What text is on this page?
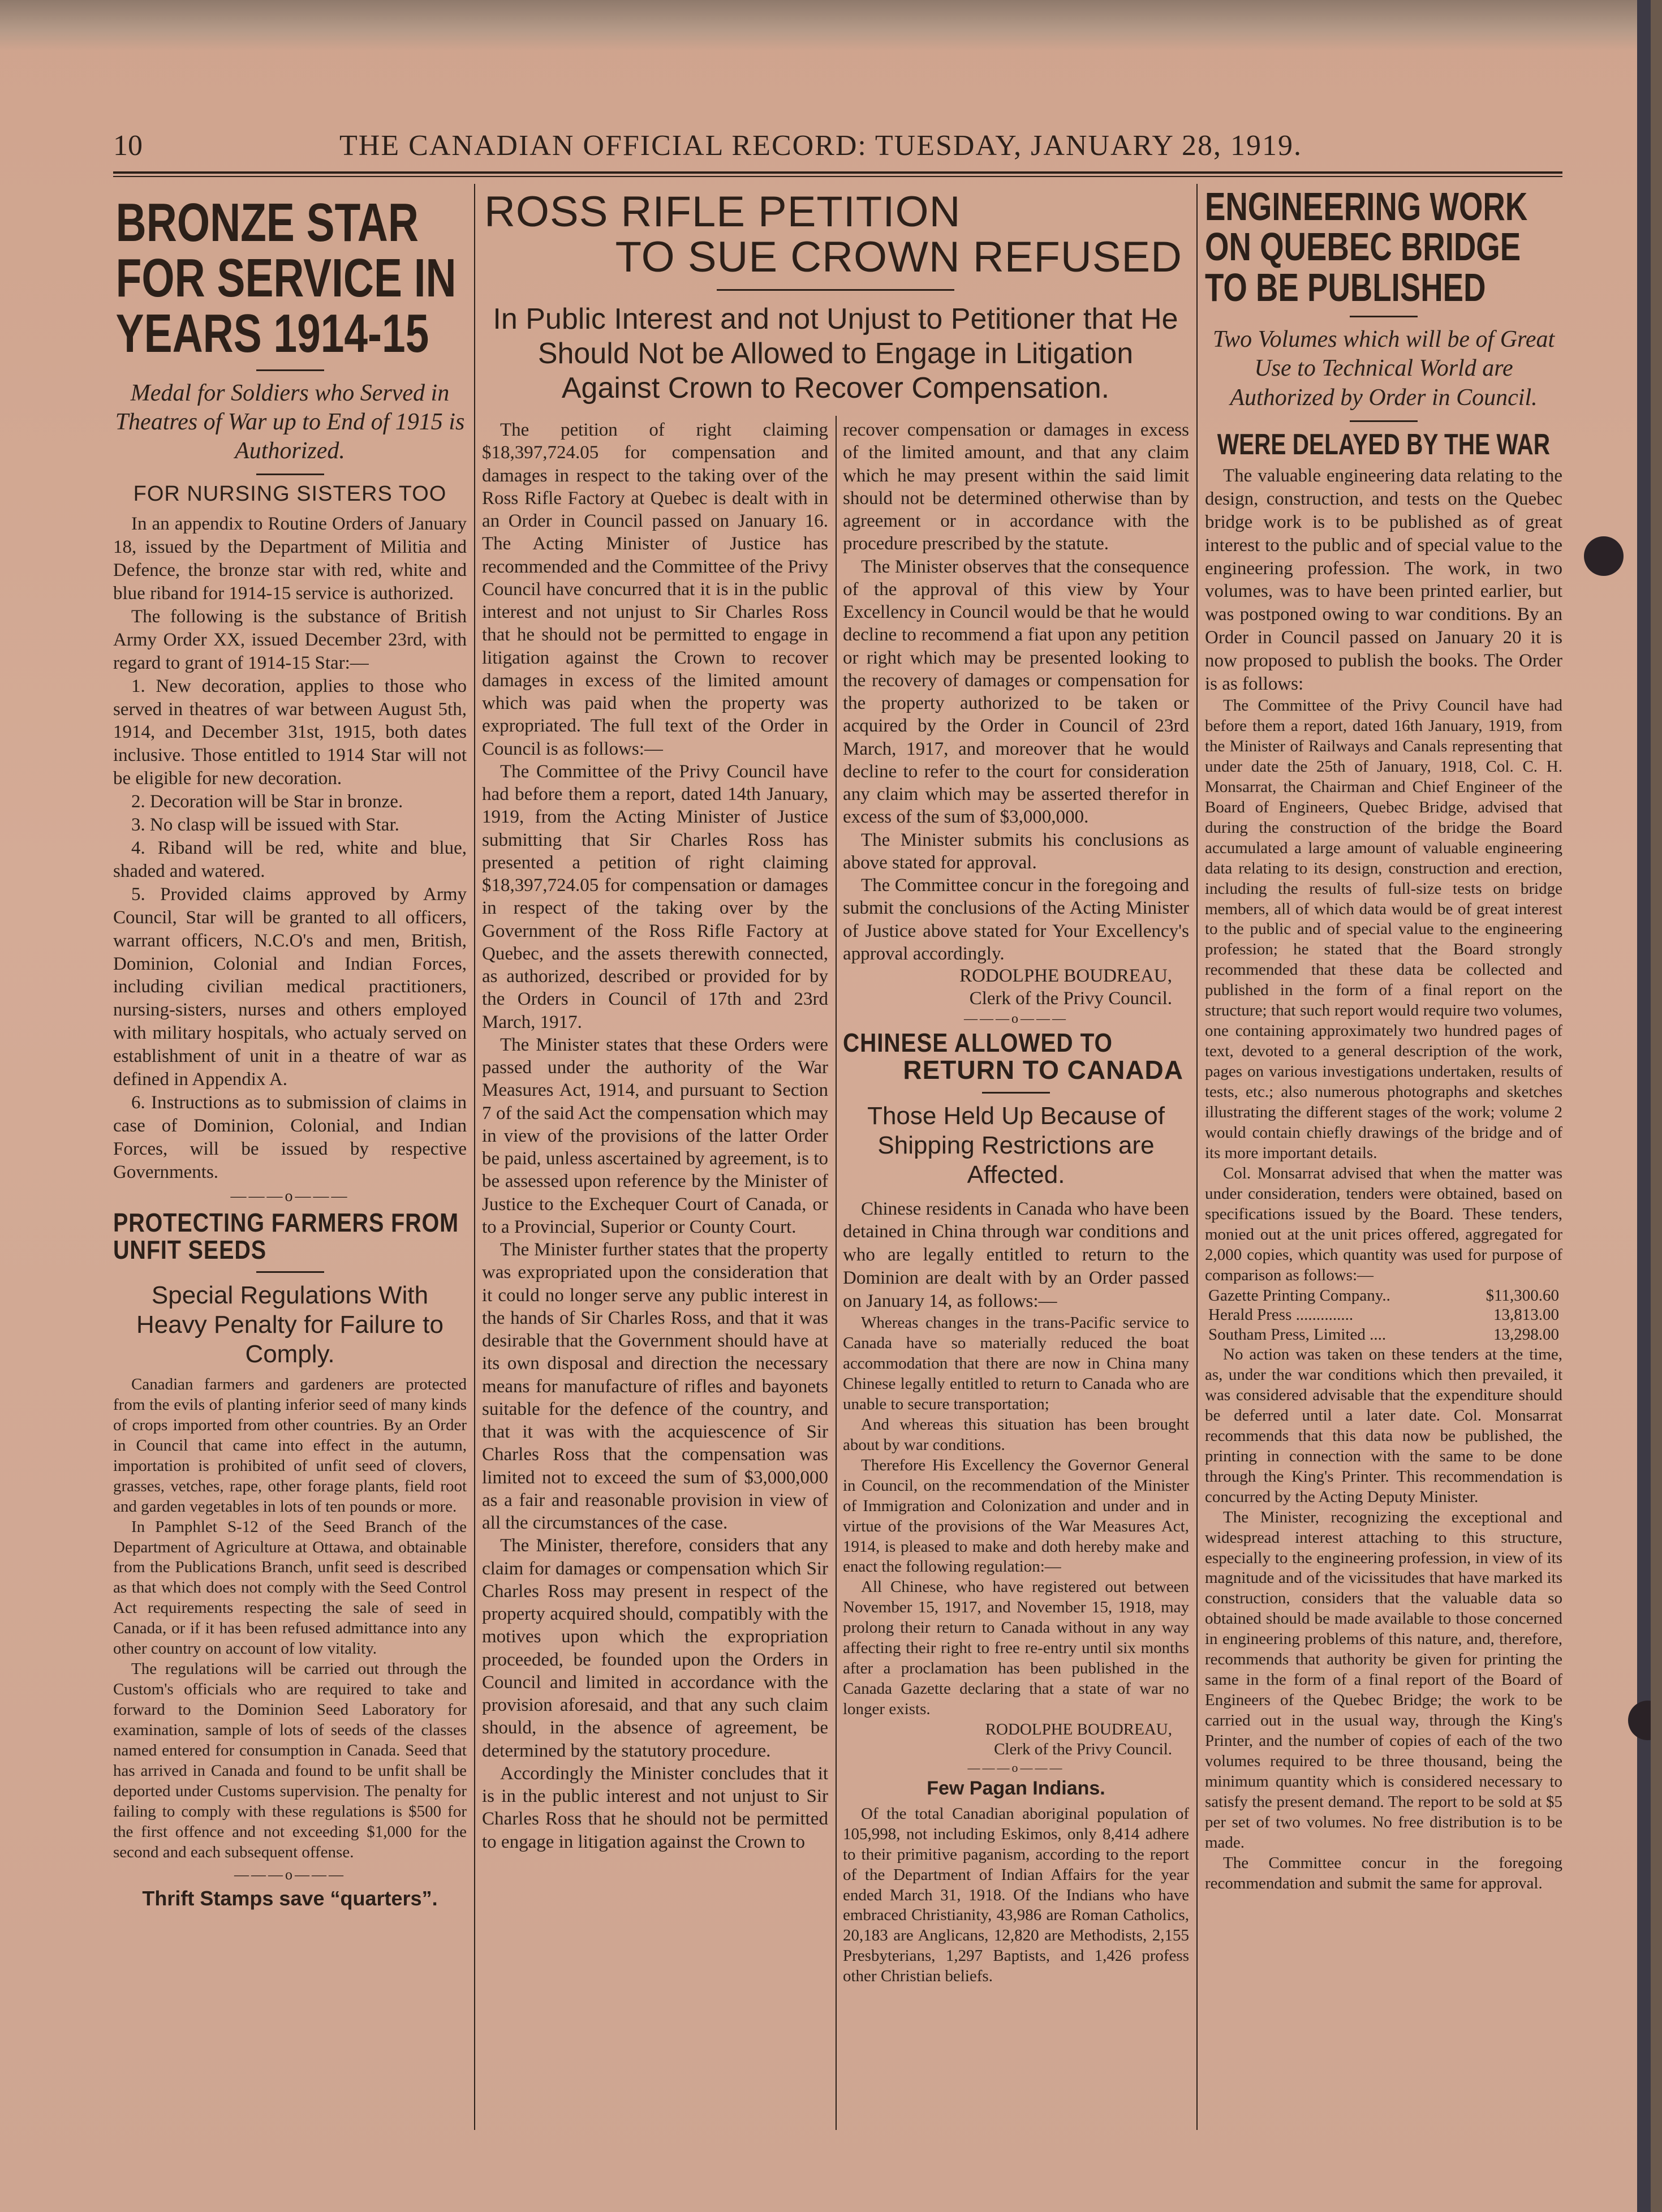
10	THE CANADIAN OFFICIAL RECORD: TUESDAY, JANUARY 28, 1919.
BRONZE STAR FOR SERVICE IN YEARS 1914-15
Medal for Soldiers who Served in Theatres of War up to End of 1915 is Authorized.
FOR NURSING SISTERS TOO

In an appendix to Routine Orders of January 18, issued by the Department of Militia and Defence, the bronze star with red, white and blue riband for 1914-15 service is authorized.

The following is the substance of British Army Order XX, issued December 23rd, with regard to grant of 1914-15 Star:—

1. New decoration, applies to those who served in theatres of war between August 5th, 1914, and December 31st, 1915, both dates inclusive. Those entitled to 1914 Star will not be eligible for new decoration.

2. Decoration will be Star in bronze.

3. No clasp will be issued with Star.

4. Riband will be red, white and blue, shaded and watered.

5. Provided claims approved by Army Council, Star will be granted to all officers, warrant officers, N.C.O's and men, British, Dominion, Colonial and Indian Forces, including civilian medical practitioners, nursing-sisters, nurses and others employed with military hospitals, who actualy served on establishment of unit in a theatre of war as defined in Appendix A.

6. Instructions as to submission of claims in case of Dominion, Colonial, and Indian Forces, will be issued by respective Governments.

———o———
PROTECTING FARMERS FROM UNFIT SEEDS
Special Regulations With Heavy Penalty for Failure to Comply.

Canadian farmers and gardeners are protected from the evils of planting inferior seed of many kinds of crops imported from other countries. By an Order in Council that came into effect in the autumn, importation is prohibited of unfit seed of clovers, grasses, vetches, rape, other forage plants, field root and garden vegetables in lots of ten pounds or more.

In Pamphlet S-12 of the Seed Branch of the Department of Agriculture at Ottawa, and obtainable from the Publications Branch, unfit seed is described as that which does not comply with the Seed Control Act requirements respecting the sale of seed in Canada, or if it has been refused admittance into any other country on account of low vitality.

The regulations will be carried out through the Custom's officials who are required to take and forward to the Dominion Seed Laboratory for examination, sample of lots of seeds of the classes named entered for consumption in Canada. Seed that has arrived in Canada and found to be unfit shall be deported under Customs supervision. The penalty for failing to comply with these regulations is $500 for the first offence and not exceeding $1,000 for the second and each subsequent offense.

———o———
Thrift Stamps save “quarters”.
ROSS RIFLE PETITION
TO SUE CROWN REFUSED
In Public Interest and not Unjust to Petitioner that He Should Not be Allowed to Engage in Litigation Against Crown to Recover Compensation.

The petition of right claiming $18,397,724.05 for compensation and damages in respect to the taking over of the Ross Rifle Factory at Quebec is dealt with in an Order in Council passed on January 16. The Acting Minister of Justice has recommended and the Committee of the Privy Council have concurred that it is in the public interest and not unjust to Sir Charles Ross that he should not be permitted to engage in litigation against the Crown to recover damages in excess of the limited amount which was paid when the property was expropriated. The full text of the Order in Council is as follows:—

The Committee of the Privy Council have had before them a report, dated 14th January, 1919, from the Acting Minister of Justice submitting that Sir Charles Ross has presented a petition of right claiming $18,397,724.05 for compensation or damages in respect of the taking over by the Government of the Ross Rifle Factory at Quebec, and the assets therewith connected, as authorized, described or provided for by the Orders in Council of 17th and 23rd March, 1917.

The Minister states that these Orders were passed under the authority of the War Measures Act, 1914, and pursuant to Section 7 of the said Act the compensation which may in view of the provisions of the latter Order be paid, unless ascertained by agreement, is to be assessed upon reference by the Minister of Justice to the Exchequer Court of Canada, or to a Provincial, Superior or County Court.

The Minister further states that the property was expropriated upon the consideration that it could no longer serve any public interest in the hands of Sir Charles Ross, and that it was desirable that the Government should have at its own disposal and direction the necessary means for manufacture of rifles and bayonets suitable for the defence of the country, and that it was with the acquiescence of Sir Charles Ross that the compensation was limited not to exceed the sum of $3,000,000 as a fair and reasonable provision in view of all the circumstances of the case.

The Minister, therefore, considers that any claim for damages or compensation which Sir Charles Ross may present in respect of the property acquired should, compatibly with the motives upon which the expropriation proceeded, be founded upon the Orders in Council and limited in accordance with the provision aforesaid, and that any such claim should, in the absence of agreement, be determined by the statutory procedure.

Accordingly the Minister concludes that it is in the public interest and not unjust to Sir Charles Ross that he should not be permitted to engage in litigation against the Crown to

recover compensation or damages in excess of the limited amount, and that any claim which he may present within the said limit should not be determined otherwise than by agreement or in accordance with the procedure prescribed by the statute.

The Minister observes that the consequence of the approval of this view by Your Excellency in Council would be that he would decline to recommend a fiat upon any petition or right which may be presented looking to the recovery of damages or compensation for the property authorized to be taken or acquired by the Order in Council of 23rd March, 1917, and moreover that he would decline to refer to the court for consideration any claim which may be asserted therefor in excess of the sum of $3,000,000.

The Minister submits his conclusions as above stated for approval.

The Committee concur in the foregoing and submit the conclusions of the Acting Minister of Justice above stated for Your Excellency's approval accordingly.

RODOLPHE BOUDREAU,
Clerk of the Privy Council.
———o———
CHINESE ALLOWED TO
RETURN TO CANADA
Those Held Up Because of Shipping Restrictions are Affected.

Chinese residents in Canada who have been detained in China through war conditions and who are legally entitled to return to the Dominion are dealt with by an Order passed on January 14, as follows:—

Whereas changes in the trans-Pacific service to Canada have so materially reduced the boat accommodation that there are now in China many Chinese legally entitled to return to Canada who are unable to secure transportation;

And whereas this situation has been brought about by war conditions.

Therefore His Excellency the Governor General in Council, on the recommendation of the Minister of Immigration and Colonization and under and in virtue of the provisions of the War Measures Act, 1914, is pleased to make and doth hereby make and enact the following regulation:—

All Chinese, who have registered out between November 15, 1917, and November 15, 1918, may prolong their return to Canada without in any way affecting their right to free re-entry until six months after a proclamation has been published in the Canada Gazette declaring that a state of war no longer exists.

RODOLPHE BOUDREAU,
Clerk of the Privy Council.
———o———
Few Pagan Indians.

Of the total Canadian aboriginal population of 105,998, not including Eskimos, only 8,414 adhere to their primitive paganism, according to the report of the Department of Indian Affairs for the year ended March 31, 1918. Of the Indians who have embraced Christianity, 43,986 are Roman Catholics, 20,183 are Anglicans, 12,820 are Methodists, 2,155 Presbyterians, 1,297 Baptists, and 1,426 profess other Christian beliefs.

ENGINEERING WORK ON QUEBEC BRIDGE TO BE PUBLISHED
Two Volumes which will be of Great Use to Technical World are Authorized by Order in Council.
WERE DELAYED BY THE WAR

The valuable engineering data relating to the design, construction, and tests on the Quebec bridge work is to be published as of great interest to the public and of special value to the engineering profession. The work, in two volumes, was to have been printed earlier, but was postponed owing to war conditions. By an Order in Council passed on January 20 it is now proposed to publish the books. The Order is as follows:

The Committee of the Privy Council have had before them a report, dated 16th January, 1919, from the Minister of Railways and Canals representing that under date the 25th of January, 1918, Col. C. H. Monsarrat, the Chairman and Chief Engineer of the Board of Engineers, Quebec Bridge, advised that during the construction of the bridge the Board accumulated a large amount of valuable engineering data relating to its design, construction and erection, including the results of full-size tests on bridge members, all of which data would be of great interest to the public and of special value to the engineering profession; he stated that the Board strongly recommended that these data be collected and published in the form of a final report on the structure; that such report would require two volumes, one containing approximately two hundred pages of text, devoted to a general description of the work, pages on various investigations undertaken, results of tests, etc.; also numerous photographs and sketches illustrating the different stages of the work; volume 2 would contain chiefly drawings of the bridge and of its more important details.

Col. Monsarrat advised that when the matter was under consideration, tenders were obtained, based on specifications issued by the Board. These tenders, monied out at the unit prices offered, aggregated for 2,000 copies, which quantity was used for purpose of comparison as follows:—

Gazette Printing Company..	$11,300.60
Herald Press ..............	13,813.00
Southam Press, Limited ....	13,298.00

No action was taken on these tenders at the time, as, under the war conditions which then prevailed, it was considered advisable that the expenditure should be deferred until a later date. Col. Monsarrat recommends that this data now be published, the printing in connection with the same to be done through the King's Printer. This recommendation is concurred by the Acting Deputy Minister.

The Minister, recognizing the exceptional and widespread interest attaching to this structure, especially to the engineering profession, in view of its magnitude and of the vicissitudes that have marked its construction, considers that the valuable data so obtained should be made available to those concerned in engineering problems of this nature, and, therefore, recommends that authority be given for printing the same in the form of a final report of the Board of Engineers of the Quebec Bridge; the work to be carried out in the usual way, through the King's Printer, and the number of copies of each of the two volumes required to be three thousand, being the minimum quantity which is considered necessary to satisfy the present demand. The report to be sold at $5 per set of two volumes. No free distribution is to be made.

The Committee concur in the foregoing recommendation and submit the same for approval.
